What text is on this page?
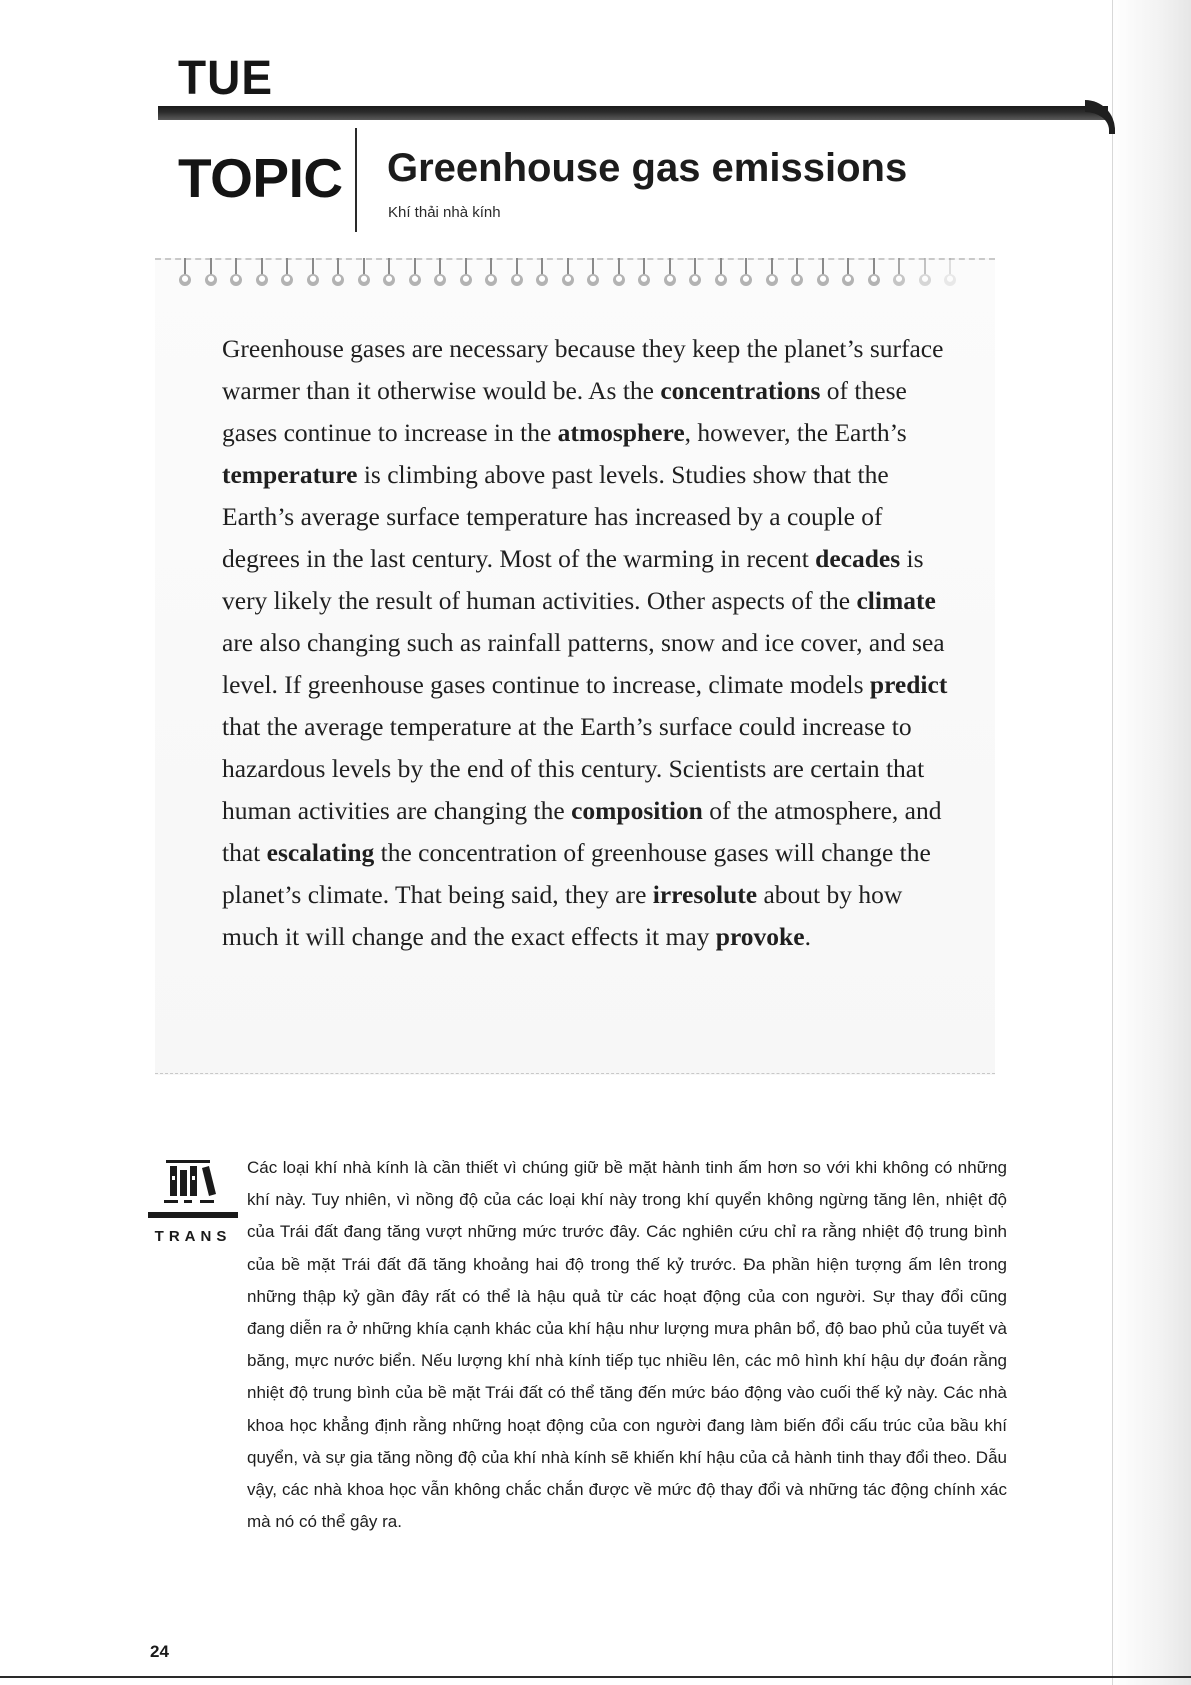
TUE
TOPIC Greenhouse gas emissions

Khí thải nhà kính

Greenhouse gases are necessary because they keep the planet’s surface warmer than it otherwise would be. As the concentrations of these gases continue to increase in the atmosphere, however, the Earth’s temperature is climbing above past levels. Studies show that the Earth’s average surface temperature has increased by a couple of degrees in the last century. Most of the warming in recent decades is very likely the result of human activities. Other aspects of the climate are also changing such as rainfall patterns, snow and ice cover, and sea level. If greenhouse gases continue to increase, climate models predict that the average temperature at the Earth’s surface could increase to hazardous levels by the end of this century. Scientists are certain that human activities are changing the composition of the atmosphere, and that escalating the concentration of greenhouse gases will change the planet’s climate. That being said, they are irresolute about by how much it will change and the exact effects it may provoke.

TRANS

Các loại khí nhà kính là cần thiết vì chúng giữ bề mặt hành tinh ấm hơn so với khi không có những khí này. Tuy nhiên, vì nồng độ của các loại khí này trong khí quyển không ngừng tăng lên, nhiệt độ của Trái đất đang tăng vượt những mức trước đây. Các nghiên cứu chỉ ra rằng nhiệt độ trung bình của bề mặt Trái đất đã tăng khoảng hai độ trong thế kỷ trước. Đa phần hiện tượng ấm lên trong những thập kỷ gần đây rất có thể là hậu quả từ các hoạt động của con người. Sự thay đổi cũng đang diễn ra ở những khía cạnh khác của khí hậu như lượng mưa phân bổ, độ bao phủ của tuyết và băng, mực nước biển. Nếu lượng khí nhà kính tiếp tục nhiều lên, các mô hình khí hậu dự đoán rằng nhiệt độ trung bình của bề mặt Trái đất có thể tăng đến mức báo động vào cuối thế kỷ này. Các nhà khoa học khẳng định rằng những hoạt động của con người đang làm biến đổi cấu trúc của bầu khí quyển, và sự gia tăng nồng độ của khí nhà kính sẽ khiến khí hậu của cả hành tinh thay đổi theo. Dẫu vậy, các nhà khoa học vẫn không chắc chắn được về mức độ thay đổi và những tác động chính xác mà nó có thể gây ra.

24
